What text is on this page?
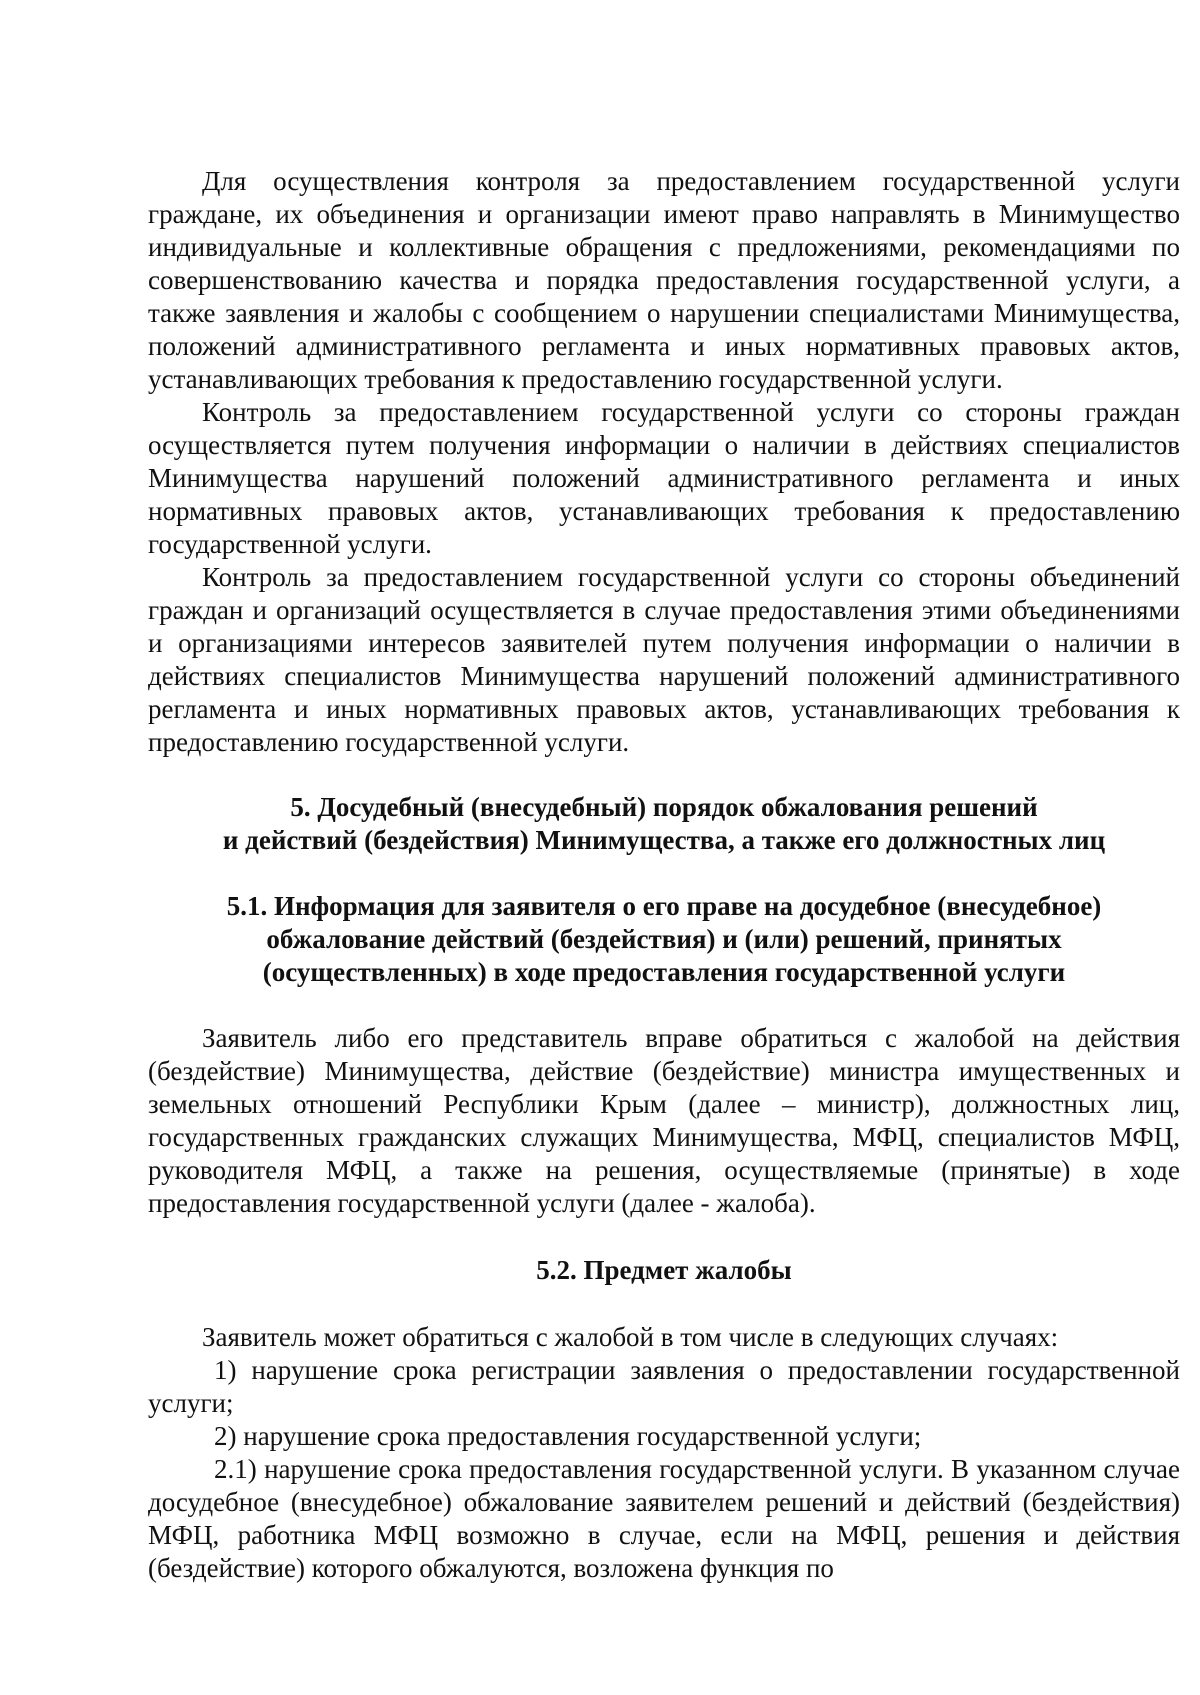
Для осуществления контроля за предоставлением государственной услуги граждане, их объединения и организации имеют право направлять в Минимущество индивидуальные и коллективные обращения с предложениями, рекомендациями по совершенствованию качества и порядка предоставления государственной услуги, а также заявления и жалобы с сообщением о нарушении специалистами Минимущества, положений административного регламента и иных нормативных правовых актов, устанавливающих требования к предоставлению государственной услуги.

Контроль за предоставлением государственной услуги со стороны граждан осуществляется путем получения информации о наличии в действиях специалистов Минимущества нарушений положений административного регламента и иных нормативных правовых актов, устанавливающих требования к предоставлению государственной услуги.

Контроль за предоставлением государственной услуги со стороны объединений граждан и организаций осуществляется в случае предоставления этими объединениями и организациями интересов заявителей путем получения информации о наличии в действиях специалистов Минимущества нарушений положений административного регламента и иных нормативных правовых актов, устанавливающих требования к предоставлению государственной услуги.

5. Досудебный (внесудебный) порядок обжалования решений
и действий (бездействия) Минимущества, а также его должностных лиц
5.1. Информация для заявителя о его праве на досудебное (внесудебное)
обжалование действий (бездействия) и (или) решений, принятых
(осуществленных) в ходе предоставления государственной услуги

Заявитель либо его представитель вправе обратиться с жалобой на действия (бездействие) Минимущества, действие (бездействие) министра имущественных и земельных отношений Республики Крым (далее – министр), должностных лиц, государственных гражданских служащих Минимущества, МФЦ, специалистов МФЦ, руководителя МФЦ, а также на решения, осуществляемые (принятые) в ходе предоставления государственной услуги (далее - жалоба).

5.2. Предмет жалобы

Заявитель может обратиться с жалобой в том числе в следующих случаях:

1) нарушение срока регистрации заявления о предоставлении государственной услуги;

2) нарушение срока предоставления государственной услуги;

2.1) нарушение срока предоставления государственной услуги. В указанном случае досудебное (внесудебное) обжалование заявителем решений и действий (бездействия) МФЦ, работника МФЦ возможно в случае, если на МФЦ, решения и действия (бездействие) которого обжалуются, возложена функция по
